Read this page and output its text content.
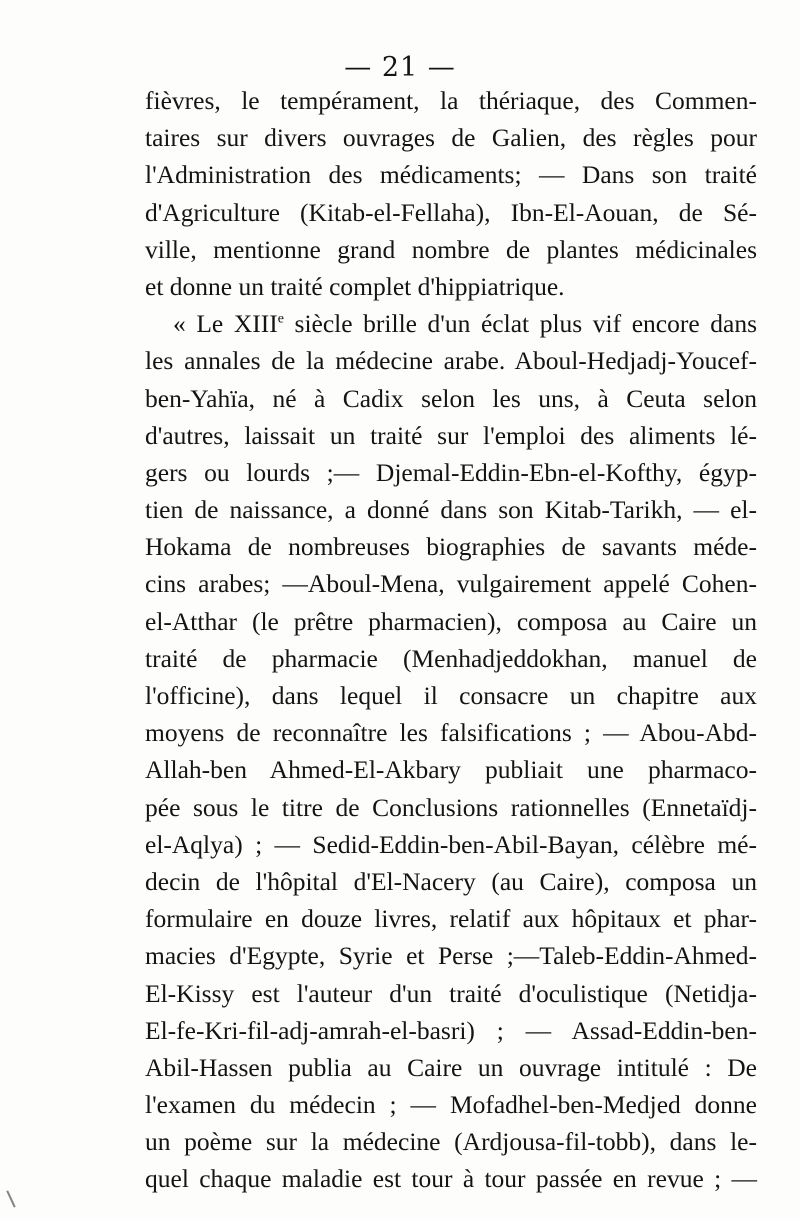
— 21 —
fièvres, le tempérament, la thériaque, des Commen-
taires sur divers ouvrages de Galien, des règles pour
l'Administration des médicaments; — Dans son traité
d'Agriculture (Kitab-el-Fellaha), Ibn-El-Aouan, de Sé-
ville, mentionne grand nombre de plantes médicinales
et donne un traité complet d'hippiatrique.
« Le XIIIe siècle brille d'un éclat plus vif encore dans
les annales de la médecine arabe. Aboul-Hedjadj-Youcef-
ben-Yahïa, né à Cadix selon les uns, à Ceuta selon
d'autres, laissait un traité sur l'emploi des aliments lé-
gers ou lourds ;— Djemal-Eddin-Ebn-el-Kofthy, égyp-
tien de naissance, a donné dans son Kitab-Tarikh, — el-
Hokama de nombreuses biographies de savants méde-
cins arabes; —Aboul-Mena, vulgairement appelé Cohen-
el-Atthar (le prêtre pharmacien), composa au Caire un
traité de pharmacie (Menhadjeddokhan, manuel de
l'officine), dans lequel il consacre un chapitre aux
moyens de reconnaître les falsifications ; — Abou-Abd-
Allah-ben Ahmed-El-Akbary publiait une pharmaco-
pée sous le titre de Conclusions rationnelles (Ennetaïdj-
el-Aqlya) ; — Sedid-Eddin-ben-Abil-Bayan, célèbre mé-
decin de l'hôpital d'El-Nacery (au Caire), composa un
formulaire en douze livres, relatif aux hôpitaux et phar-
macies d'Egypte, Syrie et Perse ;—Taleb-Eddin-Ahmed-
El-Kissy est l'auteur d'un traité d'oculistique (Netidja-
El-fe-Kri-fil-adj-amrah-el-basri) ; — Assad-Eddin-ben-
Abil-Hassen publia au Caire un ouvrage intitulé : De
l'examen du médecin ; — Mofadhel-ben-Medjed donne
un poème sur la médecine (Ardjousa-fil-tobb), dans le-
quel chaque maladie est tour à tour passée en revue ; —
